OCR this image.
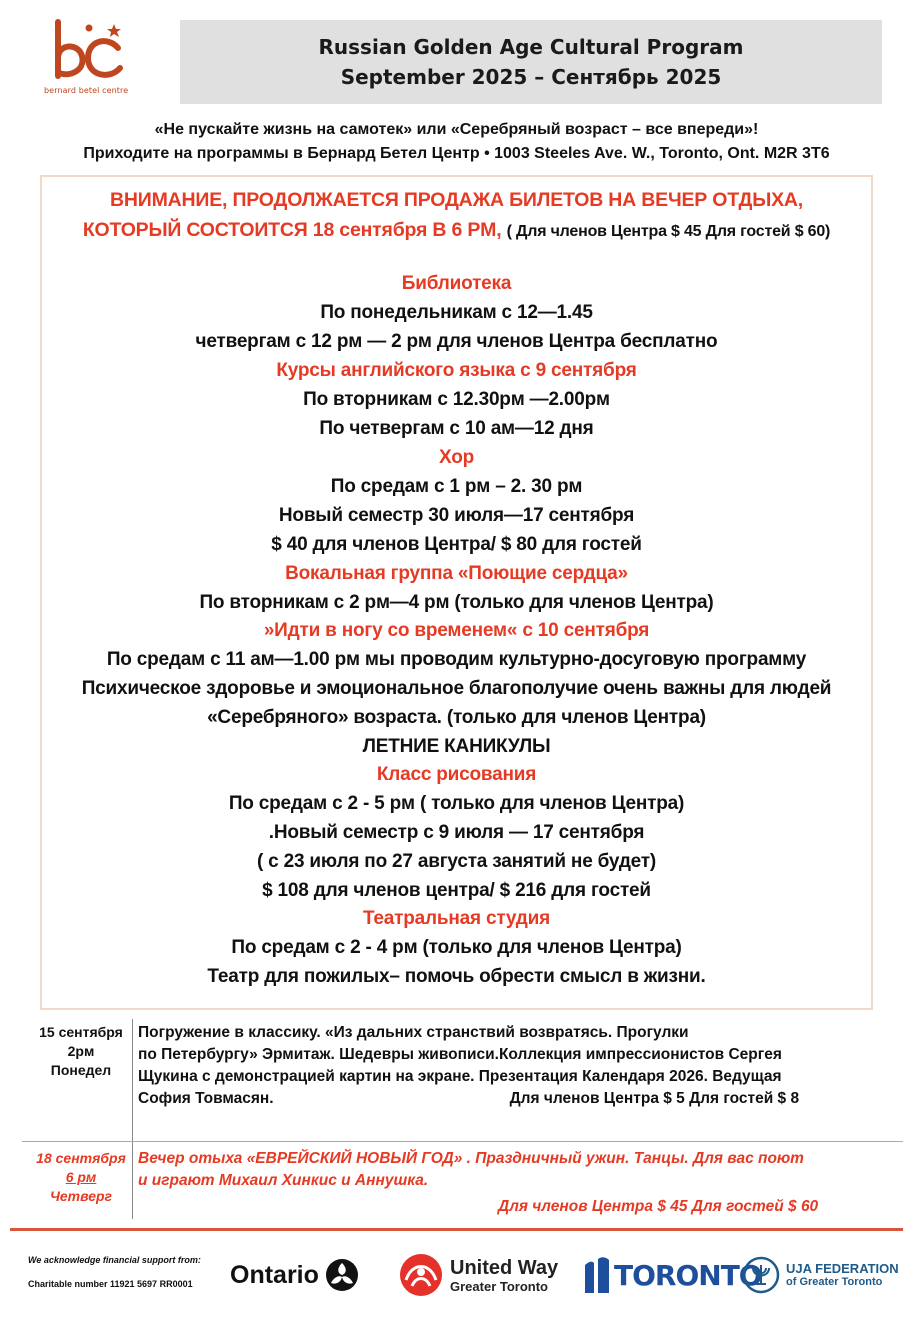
bernard betel centre
Russian Golden Age Cultural Program
September 2025 – Сентябрь 2025
«Не пускайте жизнь на самотек» или «Серебряный возраст – все впереди»!
Приходите на программы в Бернард Бетел Центр • 1003 Steeles Ave. W., Toronto, Ont. M2R 3T6
ВНИМАНИЕ, ПРОДОЛЖАЕТСЯ ПРОДАЖА БИЛЕТОВ НА ВЕЧЕР ОТДЫХА,
КОТОРЫЙ СОСТОИТСЯ 18 сентября В 6 PM, ( Для членов Центра $ 45 Для гостей $ 60)
Библиотека
По понедельникам с 12—1.45
четвергам с 12 pм — 2 pм для членов Центра бесплатно
Курсы английского языка с 9 сентября
По вторникам с 12.30pм —2.00pм
По четвергам с 10 aм—12 дня
Хор
По средам с 1 pм – 2. 30 pм
Новый семестр 30 июля—17 сентября
$ 40 для членов Центра/ $ 80 для гостей
Вокальная группа «Поющие сердца»
По вторникам с 2 pм—4 pм (только для членов Центра)
»Идти в ногу со временем« с 10 сентября
По средам с 11 aм—1.00 pм мы проводим культурно-досуговую программу
Психическое здоровье и эмоциональное благополучие очень важны для людей
«Серебряного» возраста. (только для членов Центра)
ЛЕТНИЕ КАНИКУЛЫ
Класс рисования
По средам с 2 - 5 pм ( только для членов Центра)
.Новый семестр с 9 июля — 17 сентября
( с 23 июля по 27 августа занятий не будет)
$ 108 для членов центра/ $ 216 для гостей
Театральная студия
По средам с 2 - 4 pм (только для членов Центра)
Театр для пожилых– помочь обрести смысл в жизни.
15 сентября
2pм
Понедел
Погружение в классику. «Из дальних странствий возвратясь. Прогулки
по Петербургу» Эрмитаж. Шедевры живописи.Коллекция импрессионистов Сергея
Щукина с демонстрацией картин на экране. Презентация Календаря 2026. Ведущая
София Товмасян.	Для членов Центра $ 5 Для гостей $ 8
18 сентября
6 pм
Четверг
Вечер отыха «ЕВРЕЙСКИЙ НОВЫЙ ГОД» . Праздничный ужин. Танцы. Для вас поют
и играют Михаил Хинкис и Аннушка.
Для членов Центра $ 45 Для гостей $ 60
We acknowledge financial support from:
Charitable number 11921 5697 RR0001 Ontario	United Way
Greater Toronto	TORONTO UJA FEDERATION
of Greater Toronto
